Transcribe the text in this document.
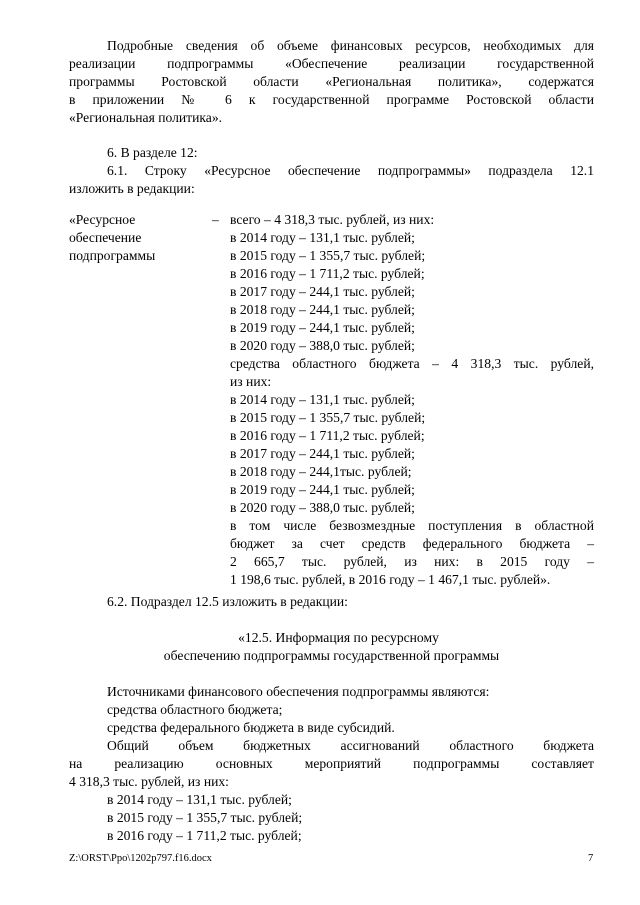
Подробные сведения об объеме финансовых ресурсов, необходимых для
реализации подпрограммы «Обеспечение реализации государственной
программы Ростовской области «Региональная политика», содержатся
в приложении № 6 к государственной программе Ростовской области
«Региональная политика».
6. В разделе 12:
6.1. Строку «Ресурсное обеспечение подпрограммы» подраздела 12.1
изложить в редакции:
«Ресурсное
обеспечение
подпрограммы
– всего – 4 318,3 тыс. рублей, из них:
в 2014 году – 131,1 тыс. рублей;
в 2015 году – 1 355,7 тыс. рублей;
в 2016 году – 1 711,2 тыс. рублей;
в 2017 году – 244,1 тыс. рублей;
в 2018 году – 244,1 тыс. рублей;
в 2019 году – 244,1 тыс. рублей;
в 2020 году – 388,0 тыс. рублей;
средства областного бюджета – 4 318,3 тыс. рублей,
из них:
в 2014 году – 131,1 тыс. рублей;
в 2015 году – 1 355,7 тыс. рублей;
в 2016 году – 1 711,2 тыс. рублей;
в 2017 году – 244,1 тыс. рублей;
в 2018 году – 244,1тыс. рублей;
в 2019 году – 244,1 тыс. рублей;
в 2020 году – 388,0 тыс. рублей;
в том числе безвозмездные поступления в областной
бюджет за счет средств федерального бюджета –
2 665,7 тыс. рублей, из них: в 2015 году –
1 198,6 тыс. рублей, в 2016 году – 1 467,1 тыс. рублей».
6.2. Подраздел 12.5 изложить в редакции:
«12.5. Информация по ресурсному
обеспечению подпрограммы государственной программы
Источниками финансового обеспечения подпрограммы являются:
средства областного бюджета;
средства федерального бюджета в виде субсидий.
Общий объем бюджетных ассигнований областного бюджета
на реализацию основных мероприятий подпрограммы составляет
4 318,3 тыс. рублей, из них:
в 2014 году – 131,1 тыс. рублей;
в 2015 году – 1 355,7 тыс. рублей;
в 2016 году – 1 711,2 тыс. рублей;
Z:\ORST\Ppo\1202p797.f16.docx	7
